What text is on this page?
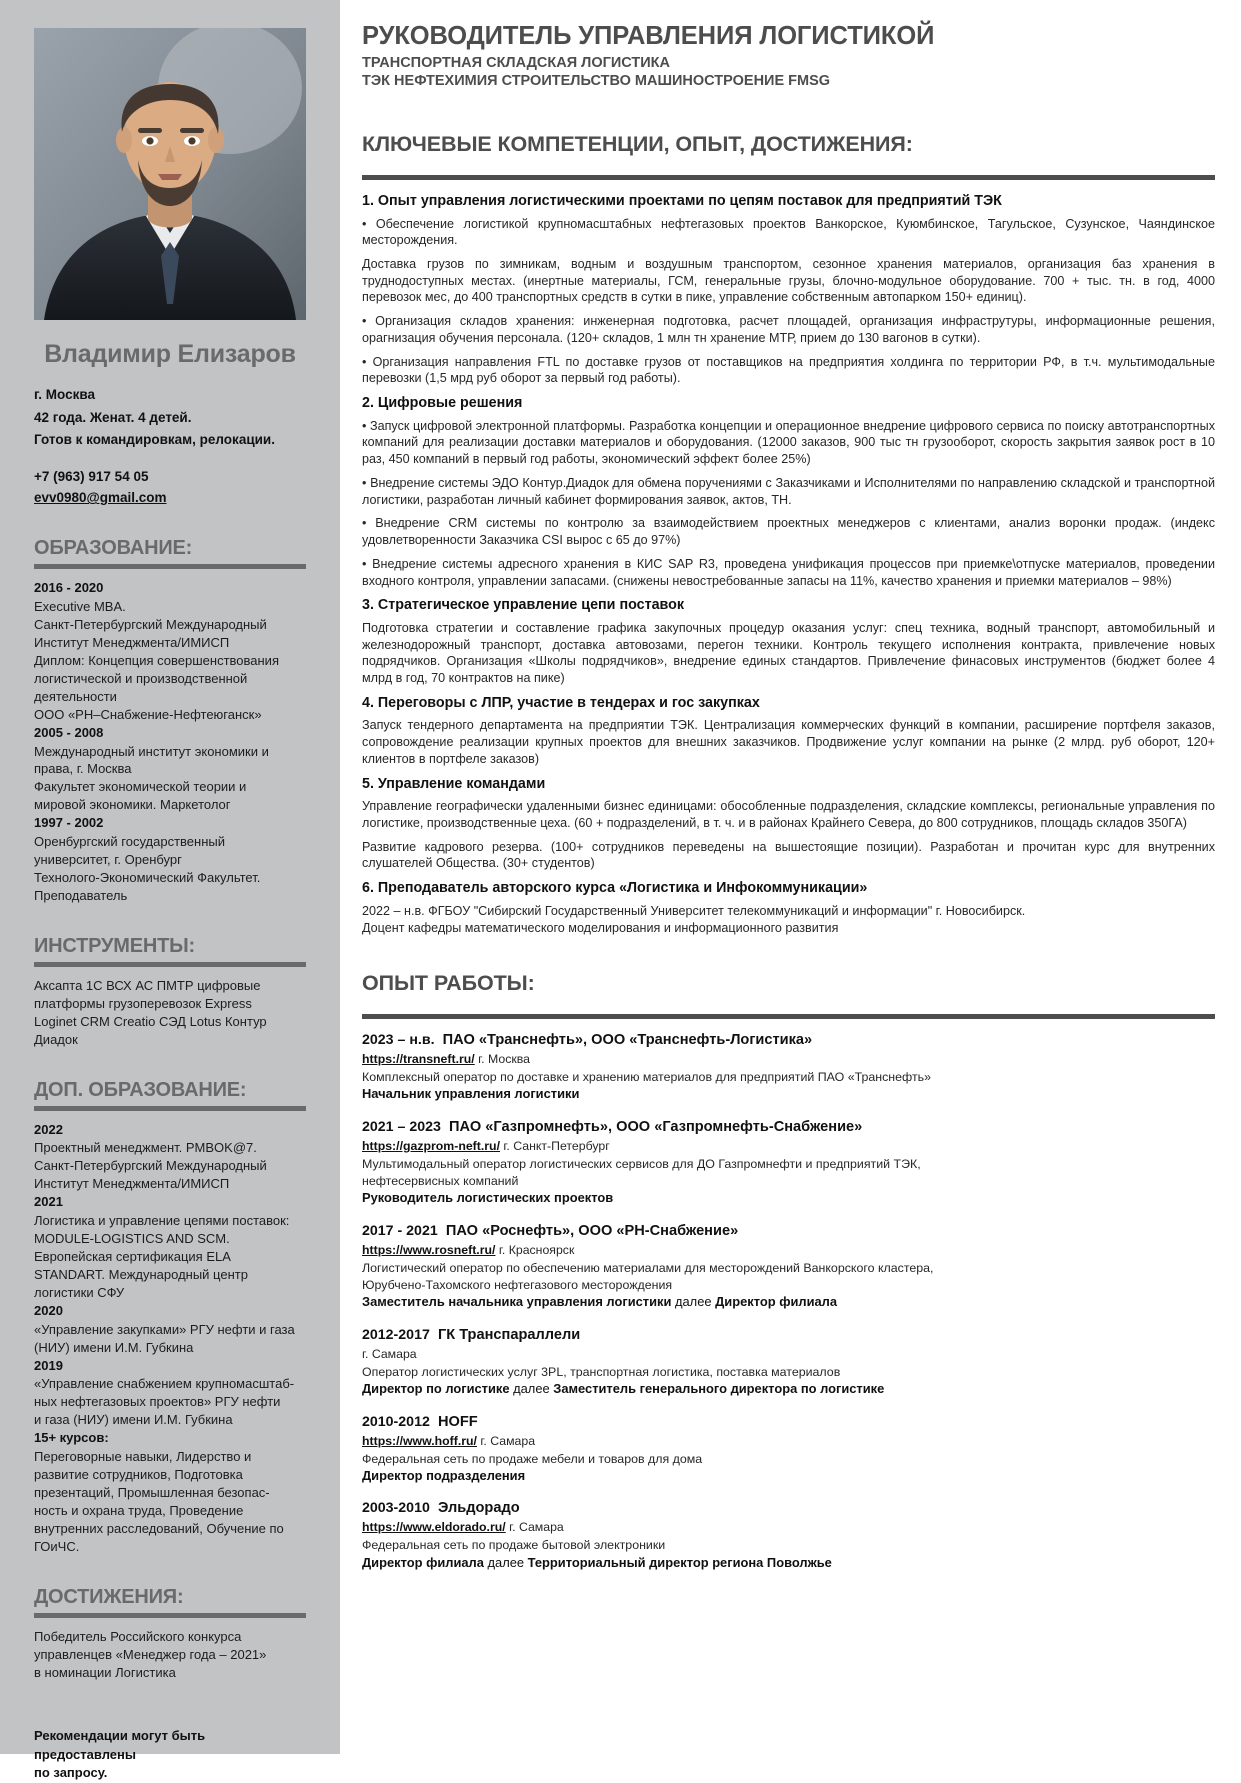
Владимир Елизаров
г. Москва
42 года. Женат. 4 детей.
Готов к командировкам, релокации.
+7 (963) 917 54 05
evv0980@gmail.com
ОБРАЗОВАНИЕ:
2016 - 2020
Executive MBA.
Санкт-Петербургский Международный
Институт Менеджмента/ИМИСП
Диплом: Концепция совершенствования
логистической и производственной
деятельности
ООО «РН–Снабжение-Нефтеюганск»
2005 - 2008
Международный институт экономики и
права, г. Москва
Факультет экономической теории и
мировой экономики. Маркетолог
1997 - 2002
Оренбургский государственный
университет, г. Оренбург
Технолого-Экономический Факультет.
Преподаватель
ИНСТРУМЕНТЫ:
Аксапта 1С ВСХ АС ПМТР цифровые
платформы грузоперевозок Express
Loginet CRM Creatio СЭД Lotus Контур
Диадок
ДОП. ОБРАЗОВАНИЕ:
2022
Проектный менеджмент. PMBOK@7.
Санкт-Петербургский Международный
Институт Менеджмента/ИМИСП
2021
Логистика и управление цепями поставок:
MODULE-LOGISTICS AND SCM.
Европейская сертификация ELA
STANDART. Международный центр
логистики СФУ
2020
«Управление закупками» РГУ нефти и газа
(НИУ) имени И.М. Губкина
2019
«Управление снабжением крупномасштаб-
ных нефтегазовых проектов» РГУ нефти
и газа (НИУ) имени И.М. Губкина
15+ курсов:
Переговорные навыки, Лидерство и
развитие сотрудников, Подготовка
презентаций, Промышленная безопас-
ность и охрана труда, Проведение
внутренних расследований, Обучение по
ГОиЧС.
ДОСТИЖЕНИЯ:
Победитель Российского конкурса
управленцев «Менеджер года – 2021»
в номинации Логистика
Рекомендации могут быть предоставлены
по запросу.
РУКОВОДИТЕЛЬ УПРАВЛЕНИЯ ЛОГИСТИКОЙ
ТРАНСПОРТНАЯ СКЛАДСКАЯ ЛОГИСТИКА
ТЭК НЕФТЕХИМИЯ СТРОИТЕЛЬСТВО МАШИНОСТРОЕНИЕ FMSG
КЛЮЧЕВЫЕ КОМПЕТЕНЦИИ, ОПЫТ, ДОСТИЖЕНИЯ:
1. Опыт управления логистическими проектами по цепям поставок для предприятий ТЭК

• Обеспечение логистикой крупномасштабных нефтегазовых проектов Ванкорское, Куюмбинское, Тагульское, Сузунское, Чаяндинское месторождения.

Доставка грузов по зимникам, водным и воздушным транспортом, сезонное хранения материалов, организация баз хранения в труднодоступных местах. (инертные материалы, ГСМ, генеральные грузы, блочно-модульное оборудование. 700 + тыс. тн. в год, 4000 перевозок мес, до 400 транспортных средств в сутки в пике, управление собственным автопарком 150+ единиц).

• Организация складов хранения: инженерная подготовка, расчет площадей, организация инфраструтуры, информационные решения, орагнизация обучения персонала. (120+ складов, 1 млн тн хранение МТР, прием до 130 вагонов в сутки).

• Организация направления FTL по доставке грузов от поставщиков на предприятия холдинга по территории РФ, в т.ч. мультимодальные перевозки (1,5 мрд руб оборот за первый год работы).

2. Цифровые решения

• Запуск цифровой электронной платформы. Разработка концепции и операционное внедрение цифрового сервиса по поиску автотранспортных компаний для реализации доставки материалов и оборудования. (12000 заказов, 900 тыс тн грузооборот, скорость закрытия заявок рост в 10 раз, 450 компаний в первый год работы, экономический эффект более 25%)

• Внедрение системы ЭДО Контур.Диадок для обмена поручениями с Заказчиками и Исполнителями по направлению складской и транспортной логистики, разработан личный кабинет формирования заявок, актов, ТН.

• Внедрение CRM системы по контролю за взаимодействием проектных менеджеров с клиентами, анализ воронки продаж. (индекс удовлетворенности Заказчика CSI вырос с 65 до 97%)

• Внедрение системы адресного хранения в КИС SAP R3, проведена унификация процессов при приемке\отпуске материалов, проведении входного контроля, управлении запасами. (снижены невостребованные запасы на 11%, качество хранения и приемки материалов – 98%)

3. Стратегическое управление цепи поставок

Подготовка стратегии и составление графика закупочных процедур оказания услуг: спец техника, водный транспорт, автомобильный и железнодорожный транспорт, доставка автовозами, перегон техники. Контроль текущего исполнения контракта, привлечение новых подрядчиков. Организация «Школы подрядчиков», внедрение единых стандартов. Привлечение финасовых инструментов (бюджет более 4 млрд в год, 70 контрактов на пике)

4. Переговоры с ЛПР, участие в тендерах и гос закупках

Запуск тендерного департамента на предприятии ТЭК. Централизация коммерческих функций в компании, расширение портфеля заказов, сопровождение реализации крупных проектов для внешних заказчиков. Продвижение услуг компании на рынке (2 млрд. руб оборот, 120+ клиентов в портфеле заказов)

5. Управление командами

Управление географически удаленными бизнес единицами: обособленные подразделения, складские комплексы, региональные управления по логистике, производственные цеха. (60 + подразделений, в т. ч. и в районах Крайнего Севера, до 800 сотрудников, площадь складов 350ГА)

Развитие кадрового резерва. (100+ сотрудников переведены на вышестоящие позиции). Разработан и прочитан курс для внутренних слушателей Общества. (30+ студентов)

6. Преподаватель авторского курса «Логистика и Инфокоммуникации»

2022 – н.в. ФГБОУ "Сибирский Государственный Университет телекоммуникаций и информации" г. Новосибирск.

Доцент кафедры математического моделирования и информационного развития

ОПЫТ РАБОТЫ:
2023 – н.в. ПАО «Транснефть», ООО «Транснефть-Логистика»
https://transneft.ru/ г. Москва
Комплексный оператор по доставке и хранению материалов для предприятий ПАО «Транснефть»
Начальник управления логистики
2021 – 2023 ПАО «Газпромнефть», ООО «Газпромнефть-Снабжение»
https://gazprom-neft.ru/ г. Санкт-Петербург
Мультимодальный оператор логистических сервисов для ДО Газпромнефти и предприятий ТЭК,
нефтесервисных компаний
Руководитель логистических проектов
2017 - 2021 ПАО «Роснефть», ООО «РН-Снабжение»
https://www.rosneft.ru/ г. Красноярск
Логистический оператор по обеспечению материалами для месторождений Ванкорского кластера,
Юрубчено-Тахомского нефтегазового месторождения
Заместитель начальника управления логистики далее Директор филиала
2012-2017 ГК Транспараллели
г. Самара
Оператор логистических услуг 3PL, транспортная логистика, поставка материалов
Директор по логистике далее Заместитель генерального директора по логистике
2010-2012 HOFF
https://www.hoff.ru/ г. Самара
Федеральная сеть по продаже мебели и товаров для дома
Директор подразделения
2003-2010 Эльдорадо
https://www.eldorado.ru/ г. Самара
Федеральная сеть по продаже бытовой электроники
Директор филиала далее Территориальный директор региона Поволжье
